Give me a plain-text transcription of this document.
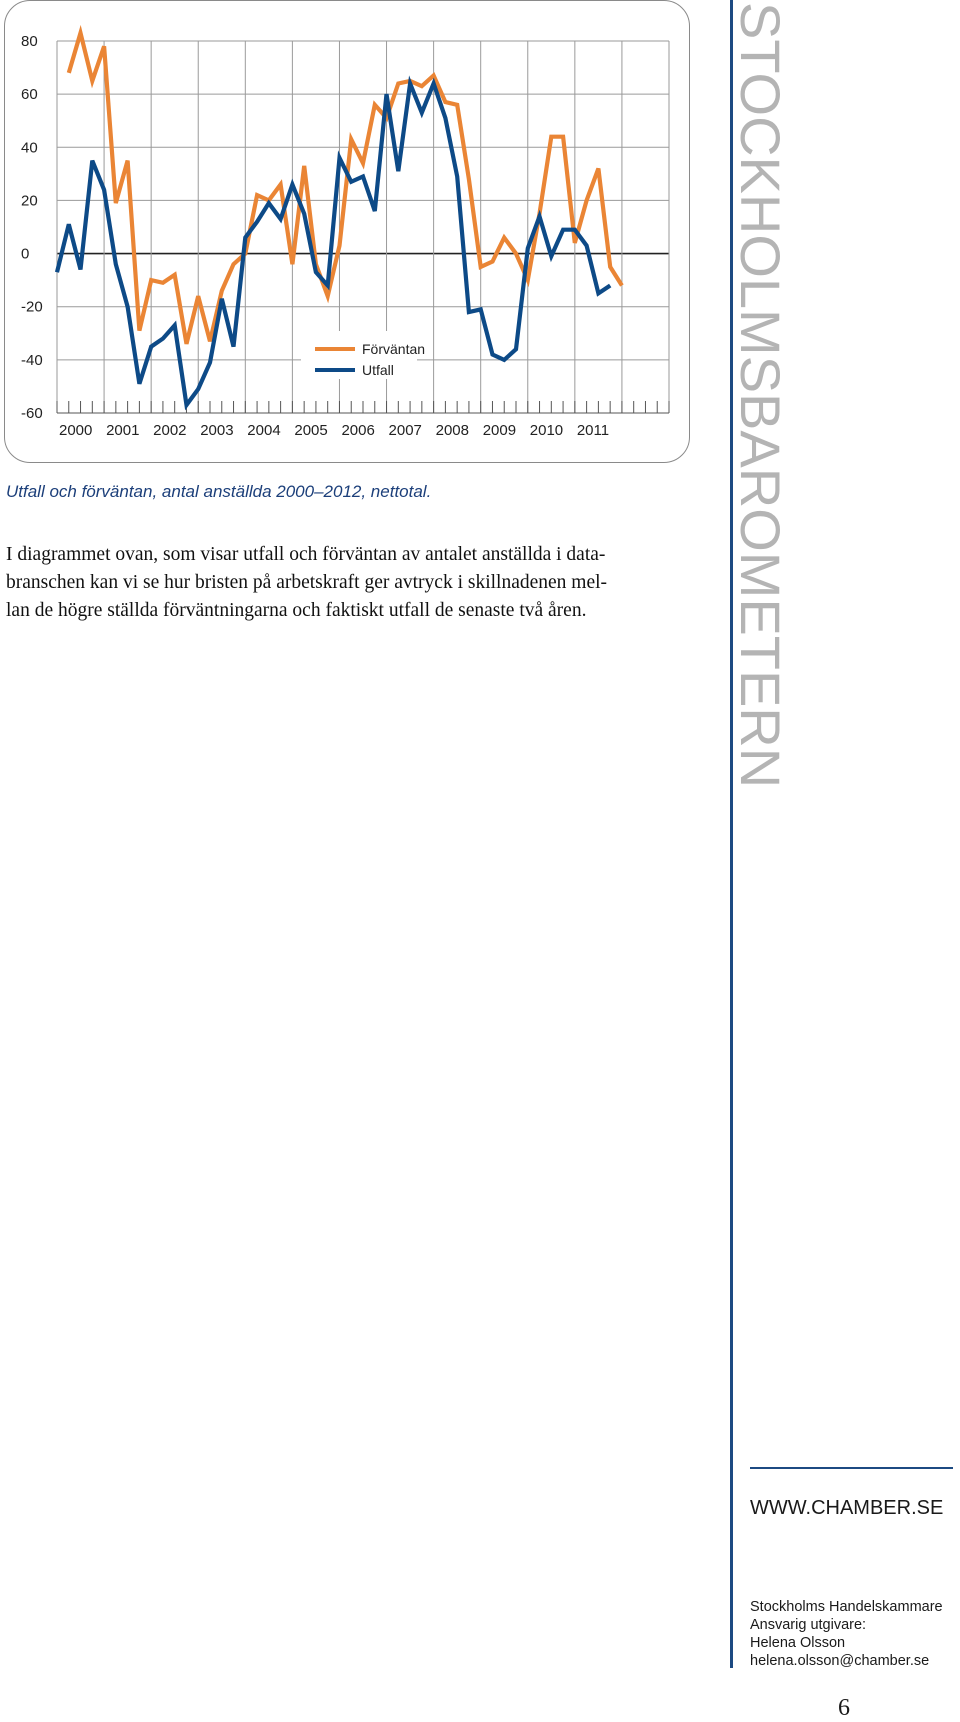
80
60
40
20
0
-20
-40
-60
2000 2001 2002 2003 2004 2005 2006 2007 2008 2009 2010 2011
Förväntan
Utfall

Utfall och förväntan, antal anställda 2000–2012, nettotal.

I diagrammet ovan, som visar utfall och förväntan av antalet anställda i data-
branschen kan vi se hur bristen på arbetskraft ger avtryck i skillnadenen mel-
lan de högre ställda förväntningarna och faktiskt utfall de senaste två åren.	STOCKHOLMSBAROMETERN
WWW.CHAMBER.SE
Stockholms Handelskammare
Ansvarig utgivare:
Helena Olsson
helena.olsson@chamber.se
6
